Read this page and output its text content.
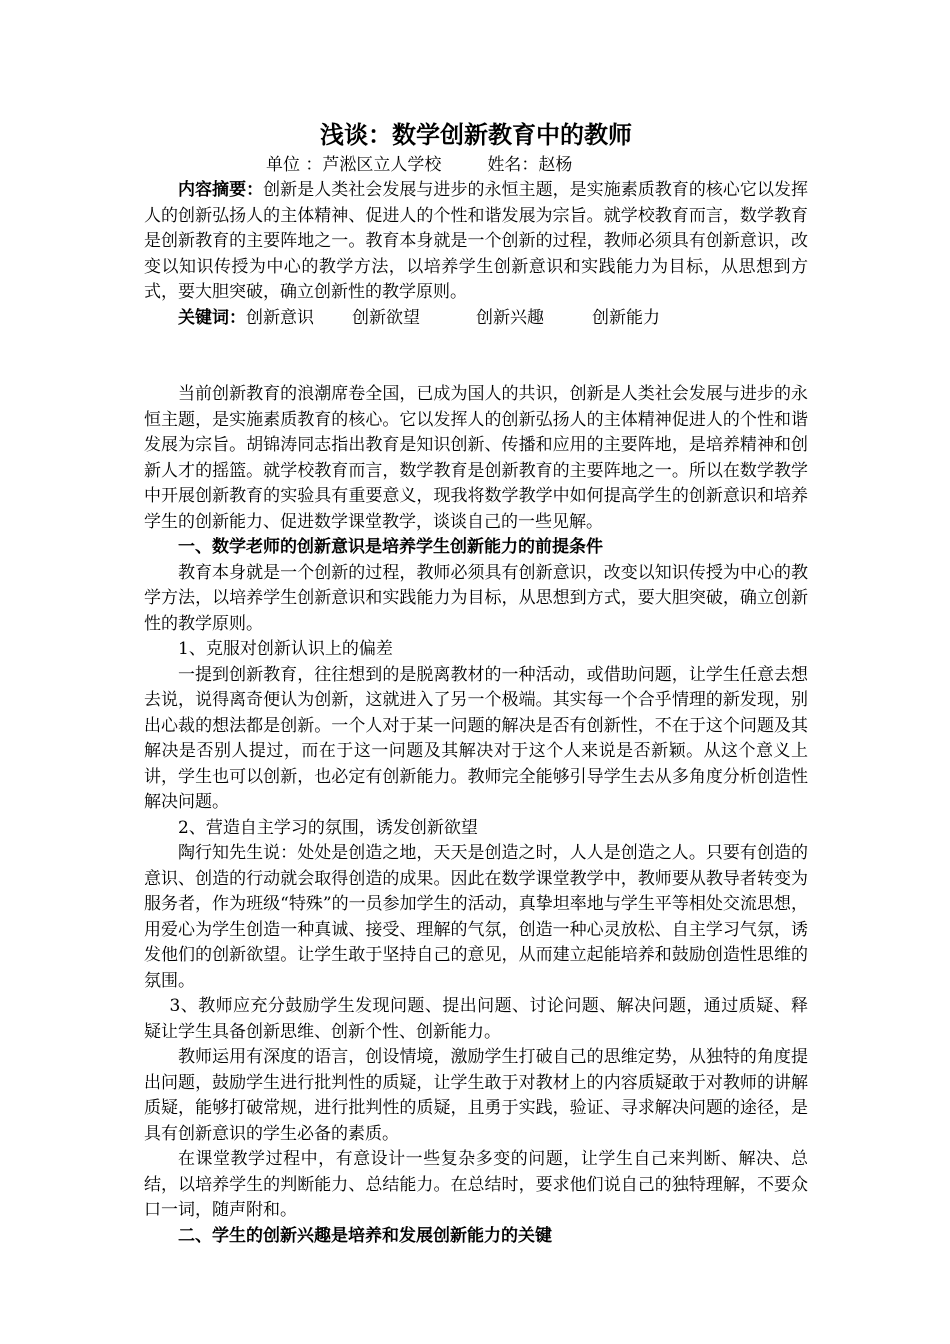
浅谈：数学创新教育中的教师
单位 ：芦淞区立人学校	姓名：赵杨

内容摘要：创新是人类社会发展与进步的永恒主题，是实施素质教育的核心它以发挥人的创新弘扬人的主体精神、促进人的个性和谐发展为宗旨。就学校教育而言，数学教育是创新教育的主要阵地之一。教育本身就是一个创新的过程，教师必须具有创新意识，改变以知识传授为中心的教学方法，以培养学生创新意识和实践能力为目标，从思想到方式，要大胆突破，确立创新性的教学原则。

关键词：创新意识 创新欲望	创新兴趣	创新能力

当前创新教育的浪潮席卷全国，已成为国人的共识，创新是人类社会发展与进步的永恒主题，是实施素质教育的核心。它以发挥人的创新弘扬人的主体精神促进人的个性和谐发展为宗旨。胡锦涛同志指出教育是知识创新、传播和应用的主要阵地，是培养精神和创新人才的摇篮。就学校教育而言，数学教育是创新教育的主要阵地之一。所以在数学教学中开展创新教育的实验具有重要意义，现我将数学教学中如何提高学生的创新意识和培养学生的创新能力、促进数学课堂教学，谈谈自己的一些见解。

一、数学老师的创新意识是培养学生创新能力的前提条件

教育本身就是一个创新的过程，教师必须具有创新意识，改变以知识传授为中心的教学方法，以培养学生创新意识和实践能力为目标，从思想到方式，要大胆突破，确立创新性的教学原则。

1、克服对创新认识上的偏差

一提到创新教育，往往想到的是脱离教材的一种活动，或借助问题，让学生任意去想去说，说得离奇便认为创新，这就进入了另一个极端。其实每一个合乎情理的新发现，别出心裁的想法都是创新。一个人对于某一问题的解决是否有创新性，不在于这个问题及其解决是否别人提过，而在于这一问题及其解决对于这个人来说是否新颖。从这个意义上讲，学生也可以创新，也必定有创新能力。教师完全能够引导学生去从多角度分析创造性解决问题。

2、营造自主学习的氛围，诱发创新欲望

陶行知先生说：处处是创造之地，天天是创造之时，人人是创造之人。只要有创造的意识、创造的行动就会取得创造的成果。因此在数学课堂教学中，教师要从教导者转变为服务者，作为班级“特殊”的一员参加学生的活动，真挚坦率地与学生平等相处交流思想，用爱心为学生创造一种真诚、接受、理解的气氛，创造一种心灵放松、自主学习气氛，诱发他们的创新欲望。让学生敢于坚持自己的意见，从而建立起能培养和鼓励创造性思维的氛围。

3、教师应充分鼓励学生发现问题、提出问题、讨论问题、解决问题，通过质疑、释疑让学生具备创新思维、创新个性、创新能力。

教师运用有深度的语言，创设情境，激励学生打破自己的思维定势，从独特的角度提出问题，鼓励学生进行批判性的质疑，让学生敢于对教材上的内容质疑敢于对教师的讲解质疑，能够打破常规，进行批判性的质疑，且勇于实践，验证、寻求解决问题的途径，是具有创新意识的学生必备的素质。

在课堂教学过程中，有意设计一些复杂多变的问题，让学生自己来判断、解决、总结，以培养学生的判断能力、总结能力。在总结时，要求他们说自己的独特理解，不要众口一词，随声附和。

二、学生的创新兴趣是培养和发展创新能力的关键
